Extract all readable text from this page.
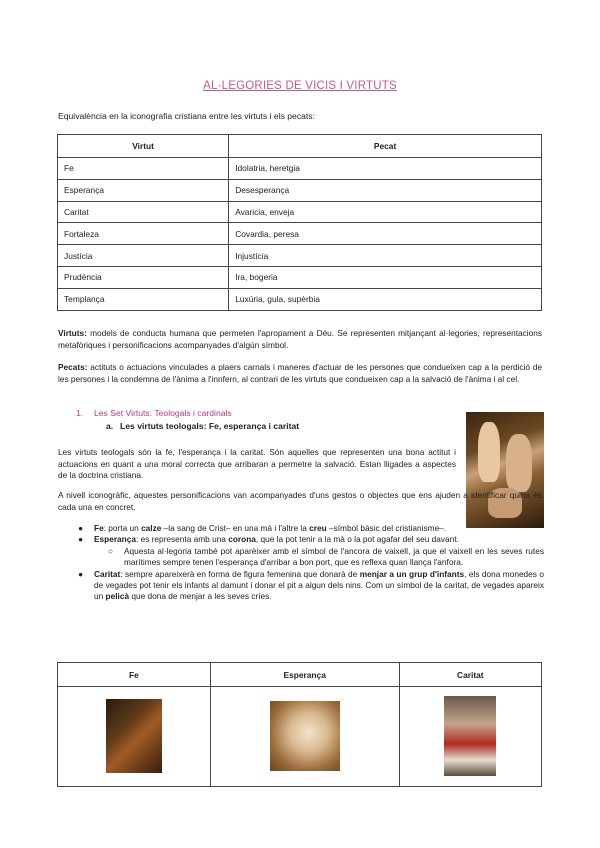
AL·LEGORIES DE VICIS I VIRTUTS
Equivalència en la iconografia cristiana entre les virtuts i els pecats:
Virtut	Pecat
Fe	Idolatria, heretgia
Esperança	Desesperança
Caritat	Avaricia, enveja
Fortaleza	Covardia, peresa
Justícia	Injustícia
Prudència	Ira, bogeria
Templança	Luxúria, gula, supèrbia
Virtuts: models de conducta humana que permeten l'apropament a Déu. Se representen mitjançant al·legories, representacions metafòriques i personificacions acompanyades d'algún símbol.
Pecats: actituts o actuacions vinculades a plaers carnals i maneres d'actuar de les persones que condueixen cap a la perdició de les persones i la condemna de l'ànima a l'innfern, al contrari de les virtuts que condueixen cap a la salvació de l'ànima i al cel.
1. Les Set Virtuts: Teologals i cardinals
a. Les virtuts teologals: Fe, esperança i caritat
Les virtuts teologals són la fe, l'esperança i la caritat. Són aquelles que representen una bona actitut i actuacions en quant a una moral correcta que arribaran a permetre la salvació. Estan lligades a aspectes de la doctrina cristiana.
A nivell iconogràfic, aquestes personificacions van acompanyades d'uns gestos o objectes que ens ajuden a identificar quina és cada una en concret.
● Fe: porta un calze –la sang de Crist– en una mà i l'altre la creu –símbol bàsic del cristianisme–.
● Esperança: es representa amb una corona, que la pot tenir a la mà o la pot agafar del seu davant.
○ Aquesta al·legoria també pot aparèixer amb el símbol de l'ancora de vaixell, ja que el vaixell en les seves rutes marítimes sempre tenen l'esperança d'arribar a bon port, que es reflexa quan llança l'anfora.
● Caritat: sempre apareixerà en forma de figura femenina que donarà de menjar a un grup d'infants, els dona monedes o de vegades pot tenir els infants al damunt i donar el pit a algun dels nins. Com un símbol de la caritat, de vegades apareix un pelicà que dona de menjar a les seves críes.
Fe	Esperança	Caritat
